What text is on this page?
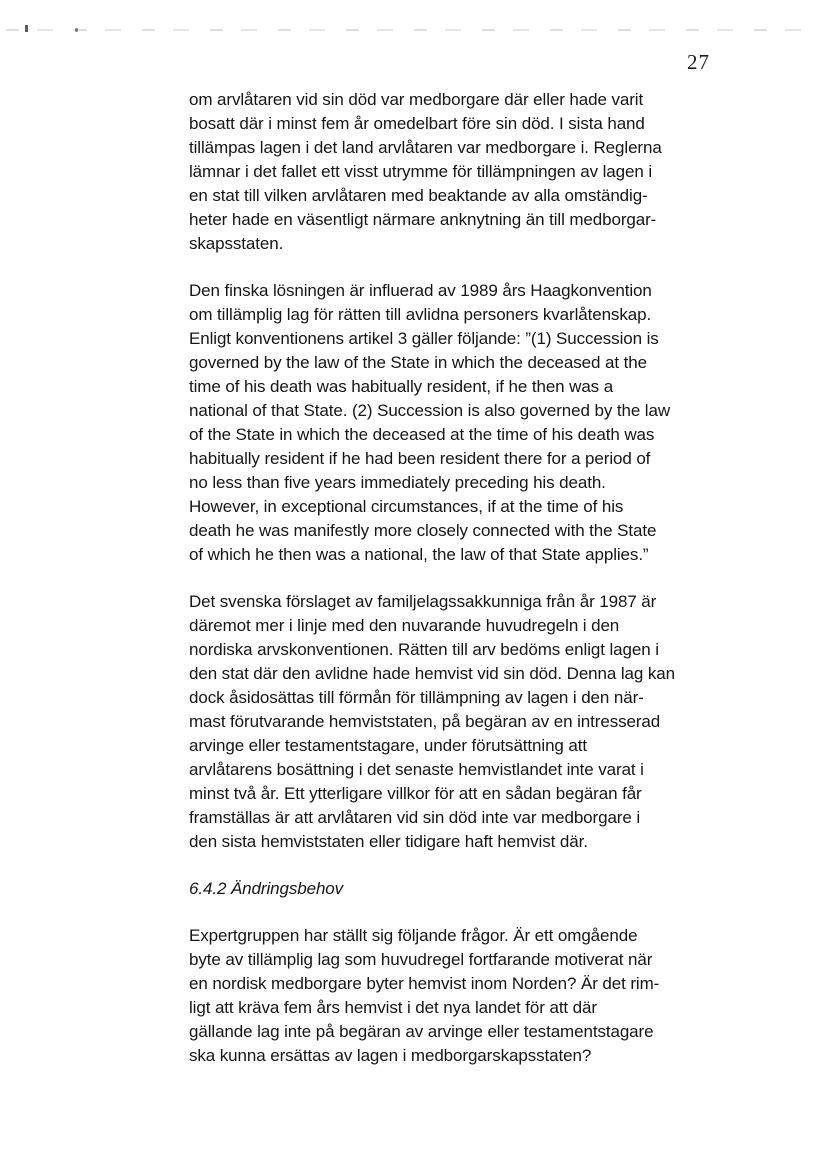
27
om arvlåtaren vid sin död var medborgare där eller hade varit
bosatt där i minst fem år omedelbart före sin död. I sista hand
tillämpas lagen i det land arvlåtaren var medborgare i. Reglerna
lämnar i det fallet ett visst utrymme för tillämpningen av lagen i
en stat till vilken arvlåtaren med beaktande av alla omständig-
heter hade en väsentligt närmare anknytning än till medborgar-
skapsstaten.
Den finska lösningen är influerad av 1989 års Haagkonvention
om tillämplig lag för rätten till avlidna personers kvarlåtenskap.
Enligt konventionens artikel 3 gäller följande: ”(1) Succession is
governed by the law of the State in which the deceased at the
time of his death was habitually resident, if he then was a
national of that State. (2) Succession is also governed by the law
of the State in which the deceased at the time of his death was
habitually resident if he had been resident there for a period of
no less than five years immediately preceding his death.
However, in exceptional circumstances, if at the time of his
death he was manifestly more closely connected with the State
of which he then was a national, the law of that State applies.”
Det svenska förslaget av familjelagssakkunniga från år 1987 är
däremot mer i linje med den nuvarande huvudregeln i den
nordiska arvskonventionen. Rätten till arv bedöms enligt lagen i
den stat där den avlidne hade hemvist vid sin död. Denna lag kan
dock åsidosättas till förmån för tillämpning av lagen i den när-
mast förutvarande hemviststaten, på begäran av en intresserad
arvinge eller testamentstagare, under förutsättning att
arvlåtarens bosättning i det senaste hemvistlandet inte varat i
minst två år. Ett ytterligare villkor för att en sådan begäran får
framställas är att arvlåtaren vid sin död inte var medborgare i
den sista hemviststaten eller tidigare haft hemvist där.
6.4.2 Ändringsbehov
Expertgruppen har ställt sig följande frågor. Är ett omgående
byte av tillämplig lag som huvudregel fortfarande motiverat när
en nordisk medborgare byter hemvist inom Norden? Är det rim-
ligt att kräva fem års hemvist i det nya landet för att där
gällande lag inte på begäran av arvinge eller testamentstagare
ska kunna ersättas av lagen i medborgarskapsstaten?
